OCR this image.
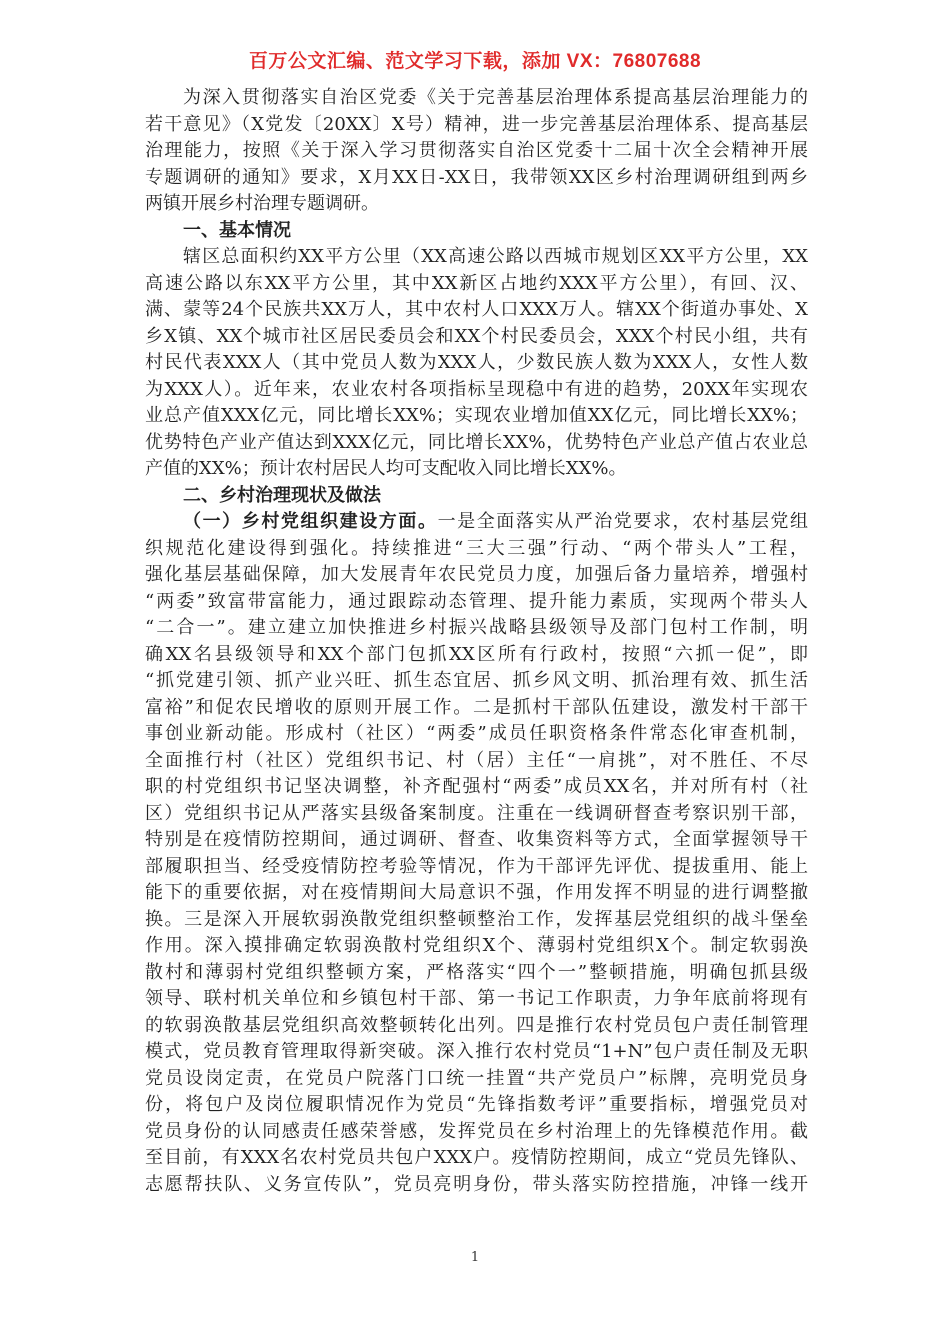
百万公文汇编、范文学习下载，添加 VX：76807688
为深入贯彻落实自治区党委《关于完善基层治理体系提高基层治理能力的
若干意见》（X党发〔20XX〕X号）精神，进一步完善基层治理体系、提高基层
治理能力，按照《关于深入学习贯彻落实自治区党委十二届十次全会精神开展
专题调研的通知》要求，X月XX日-XX日，我带领XX区乡村治理调研组到两乡
两镇开展乡村治理专题调研。
一、基本情况
辖区总面积约XX平方公里（XX高速公路以西城市规划区XX平方公里，XX
高速公路以东XX平方公里，其中XX新区占地约XXX平方公里），有回、汉、
满、蒙等24个民族共XX万人，其中农村人口XXX万人。辖XX个街道办事处、X
乡X镇、XX个城市社区居民委员会和XX个村民委员会，XXX个村民小组，共有
村民代表XXX人（其中党员人数为XXX人，少数民族人数为XXX人，女性人数
为XXX人）。近年来，农业农村各项指标呈现稳中有进的趋势，20XX年实现农
业总产值XXX亿元，同比增长XX%；实现农业增加值XX亿元，同比增长XX%；
优势特色产业产值达到XXX亿元，同比增长XX%，优势特色产业总产值占农业总
产值的XX%；预计农村居民人均可支配收入同比增长XX%。
二、乡村治理现状及做法
（一）乡村党组织建设方面。一是全面落实从严治党要求，农村基层党组
织规范化建设得到强化。持续推进“三大三强”行动、“两个带头人”工程，
强化基层基础保障，加大发展青年农民党员力度，加强后备力量培养，增强村
“两委”致富带富能力，通过跟踪动态管理、提升能力素质，实现两个带头人
“二合一”。建立建立加快推进乡村振兴战略县级领导及部门包村工作制，明
确XX名县级领导和XX个部门包抓XX区所有行政村，按照“六抓一促”，即
“抓党建引领、抓产业兴旺、抓生态宜居、抓乡风文明、抓治理有效、抓生活
富裕”和促农民增收的原则开展工作。二是抓村干部队伍建设，激发村干部干
事创业新动能。形成村（社区）“两委”成员任职资格条件常态化审查机制，
全面推行村（社区）党组织书记、村（居）主任“一肩挑”，对不胜任、不尽
职的村党组织书记坚决调整，补齐配强村“两委”成员XX名，并对所有村（社
区）党组织书记从严落实县级备案制度。注重在一线调研督查考察识别干部，
特别是在疫情防控期间，通过调研、督查、收集资料等方式，全面掌握领导干
部履职担当、经受疫情防控考验等情况，作为干部评先评优、提拔重用、能上
能下的重要依据，对在疫情期间大局意识不强，作用发挥不明显的进行调整撤
换。三是深入开展软弱涣散党组织整顿整治工作，发挥基层党组织的战斗堡垒
作用。深入摸排确定软弱涣散村党组织X个、薄弱村党组织X个。制定软弱涣
散村和薄弱村党组织整顿方案，严格落实“四个一”整顿措施，明确包抓县级
领导、联村机关单位和乡镇包村干部、第一书记工作职责，力争年底前将现有
的软弱涣散基层党组织高效整顿转化出列。四是推行农村党员包户责任制管理
模式，党员教育管理取得新突破。深入推行农村党员“1+N”包户责任制及无职
党员设岗定责，在党员户院落门口统一挂置“共产党员户”标牌，亮明党员身
份，将包户及岗位履职情况作为党员“先锋指数考评”重要指标，增强党员对
党员身份的认同感责任感荣誉感，发挥党员在乡村治理上的先锋模范作用。截
至目前，有XXX名农村党员共包户XXX户。疫情防控期间，成立“党员先锋队、
志愿帮扶队、义务宣传队”，党员亮明身份，带头落实防控措施，冲锋一线开
1
